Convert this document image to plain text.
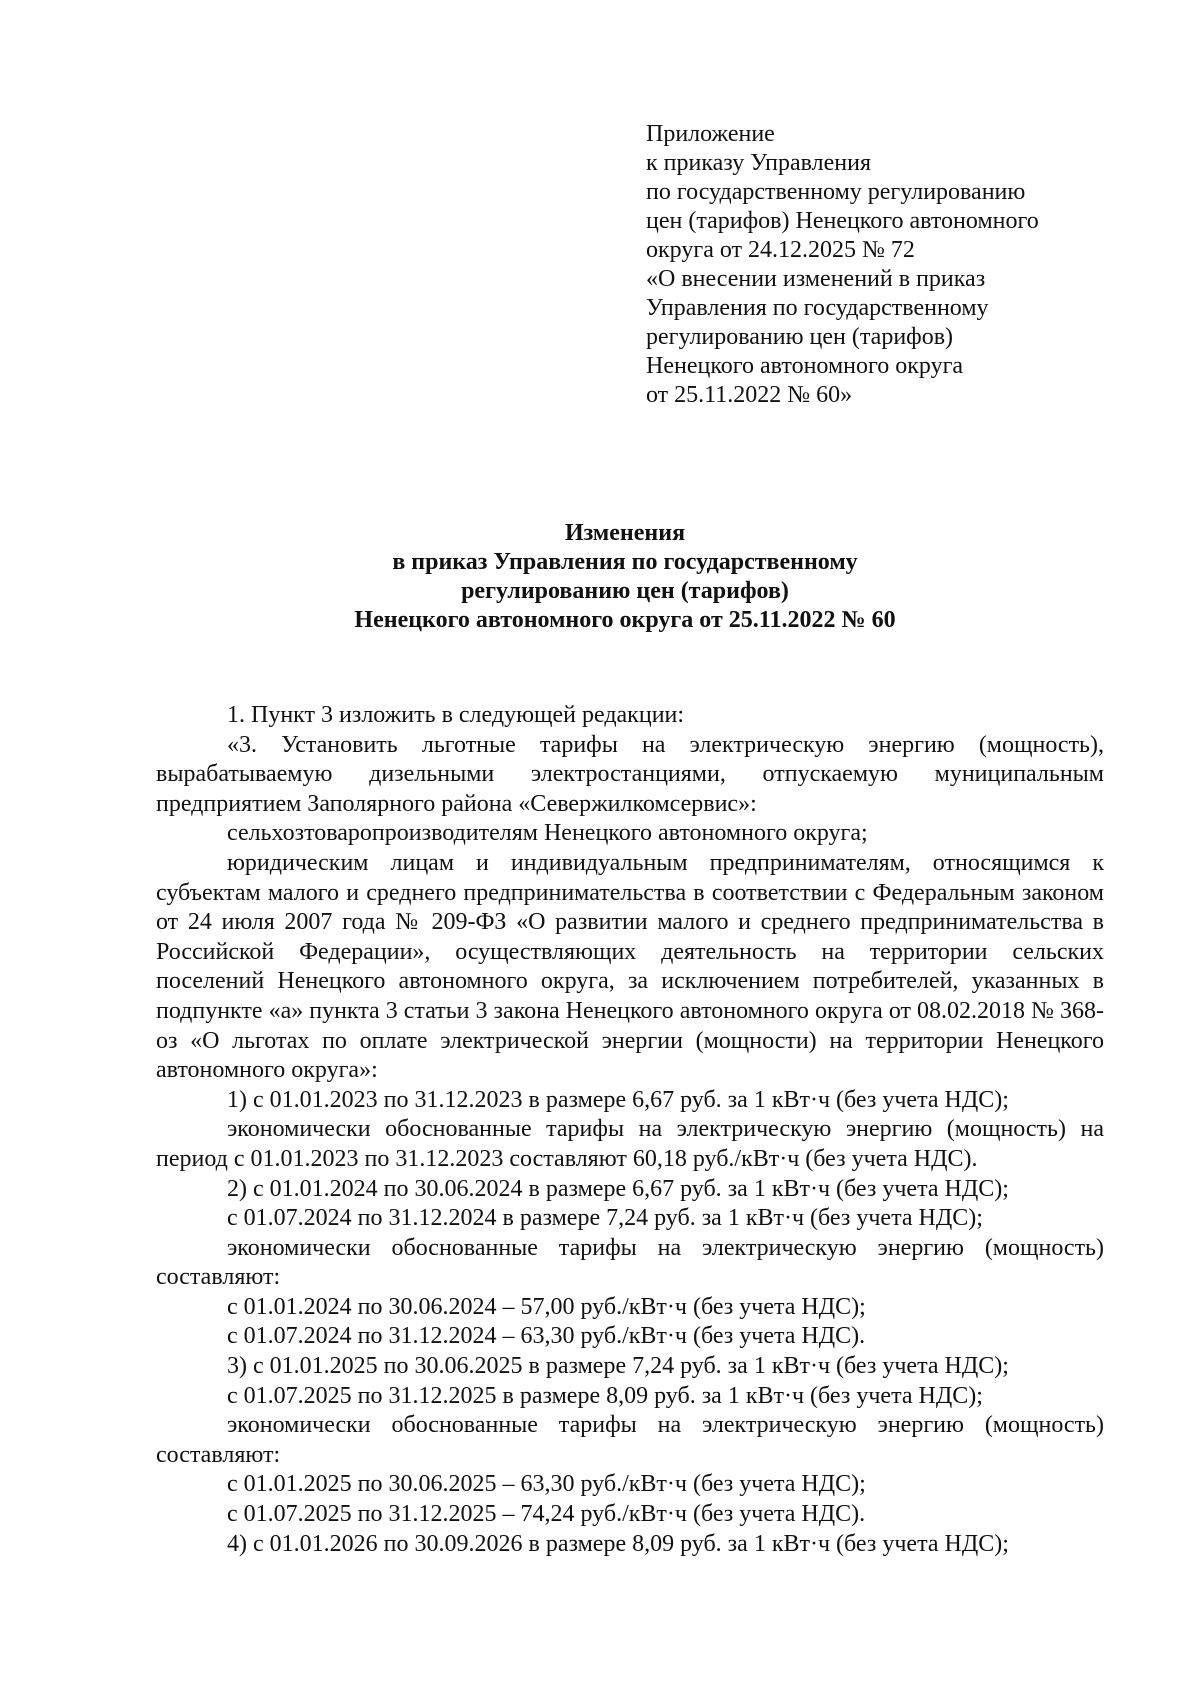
Приложение
к приказу Управления
по государственному регулированию
цен (тарифов) Ненецкого автономного
округа от 24.12.2025 № 72
«О внесении изменений в приказ
Управления по государственному
регулированию цен (тарифов)
Ненецкого автономного округа
от 25.11.2022 № 60»
Изменения
в приказ Управления по государственному
регулированию цен (тарифов)
Ненецкого автономного округа от 25.11.2022 № 60
1. Пункт 3 изложить в следующей редакции:
«3. Установить льготные тарифы на электрическую энергию (мощность), вырабатываемую дизельными электростанциями, отпускаемую муниципальным предприятием Заполярного района «Севержилкомсервис»:
сельхозтоваропроизводителям Ненецкого автономного округа;
юридическим лицам и индивидуальным предпринимателям, относящимся к субъектам малого и среднего предпринимательства в соответствии с Федеральным законом от 24 июля 2007 года № 209-ФЗ «О развитии малого и среднего предпринимательства в Российской Федерации», осуществляющих деятельность на территории сельских поселений Ненецкого автономного округа, за исключением потребителей, указанных в подпункте «а» пункта 3 статьи 3 закона Ненецкого автономного округа от 08.02.2018 № 368-оз «О льготах по оплате электрической энергии (мощности) на территории Ненецкого автономного округа»:
1) с 01.01.2023 по 31.12.2023 в размере 6,67 руб. за 1 кВт·ч (без учета НДС);
экономически обоснованные тарифы на электрическую энергию (мощность) на период с 01.01.2023 по 31.12.2023 составляют 60,18 руб./кВт·ч (без учета НДС).
2) с 01.01.2024 по 30.06.2024 в размере 6,67 руб. за 1 кВт·ч (без учета НДС);
с 01.07.2024 по 31.12.2024 в размере 7,24 руб. за 1 кВт·ч (без учета НДС);
экономически обоснованные тарифы на электрическую энергию (мощность) составляют:
с 01.01.2024 по 30.06.2024 – 57,00 руб./кВт·ч (без учета НДС);
с 01.07.2024 по 31.12.2024 – 63,30 руб./кВт·ч (без учета НДС).
3) с 01.01.2025 по 30.06.2025 в размере 7,24 руб. за 1 кВт·ч (без учета НДС);
с 01.07.2025 по 31.12.2025 в размере 8,09 руб. за 1 кВт·ч (без учета НДС);
экономически обоснованные тарифы на электрическую энергию (мощность) составляют:
с 01.01.2025 по 30.06.2025 – 63,30 руб./кВт·ч (без учета НДС);
с 01.07.2025 по 31.12.2025 – 74,24 руб./кВт·ч (без учета НДС).
4) с 01.01.2026 по 30.09.2026 в размере 8,09 руб. за 1 кВт·ч (без учета НДС);
